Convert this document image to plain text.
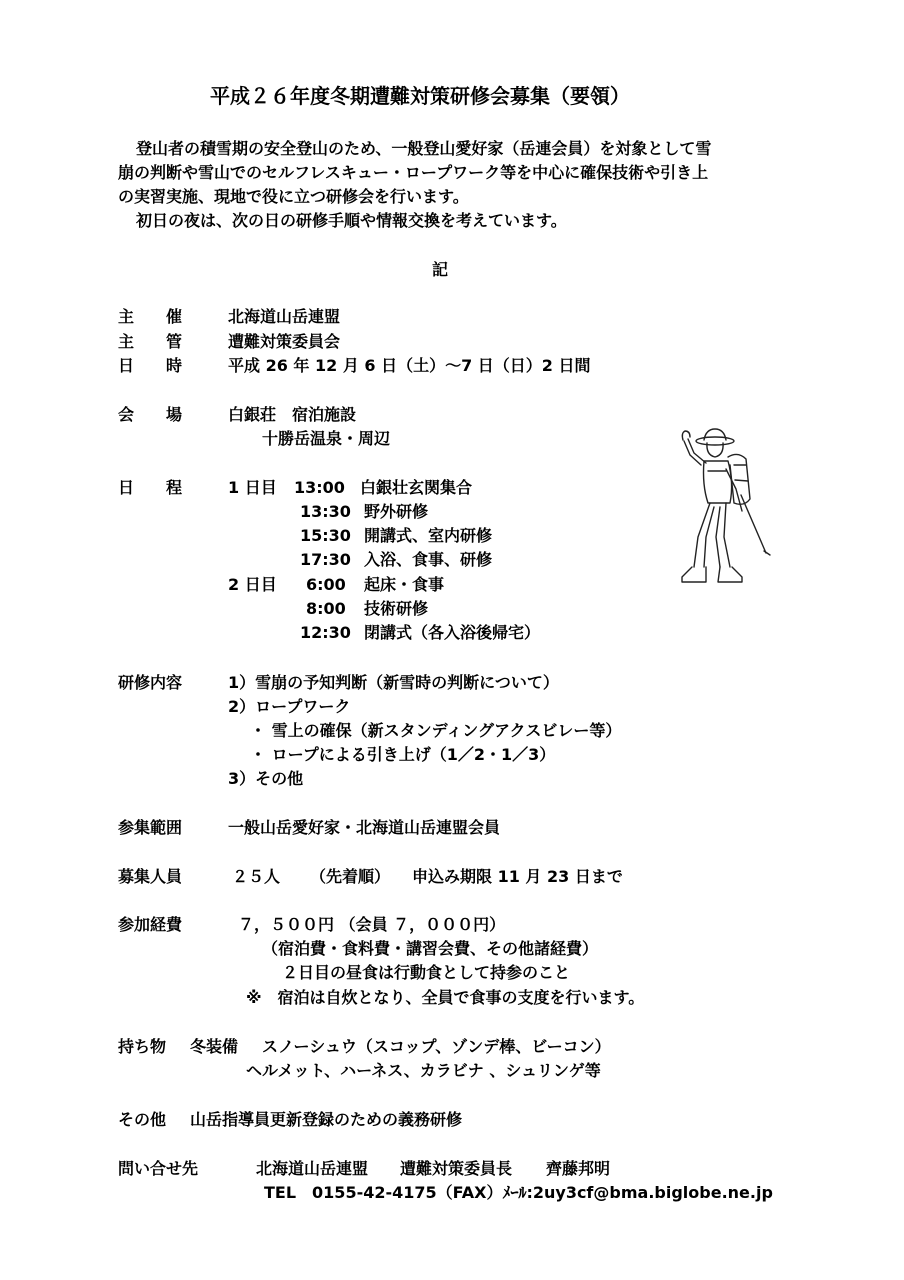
平成２６年度冬期遭難対策研修会募集（要領）
登山者の積雪期の安全登山のため、一般登山愛好家（岳連会員）を対象として雪
崩の判断や雪山でのセルフレスキュー・ロープワーク等を中心に確保技術や引き上
の実習実施、現地で役に立つ研修会を行います。
初日の夜は、次の日の研修手順や情報交換を考えています。
記
主　　催	北海道山岳連盟
主　　管	遭難対策委員会
日　　時	平成 26 年 12 月 6 日（土）～7 日（日）2 日間
会　　場	白銀荘　宿泊施設
十勝岳温泉・周辺
日　　程	1 日目 13:00 白銀壮玄関集合
13:30 野外研修
15:30 開講式、室内研修
17:30 入浴、食事、研修
2 日目 6:00 起床・食事
8:00 技術研修
12:30 閉講式（各入浴後帰宅）
研修内容	1）雪崩の予知判断（新雪時の判断について）
2）ロープワーク
・ 雪上の確保（新スタンディングアクスビレー等）
・ ロープによる引き上げ（1／2・1／3）
3）その他
参集範囲	一般山岳愛好家・北海道山岳連盟会員
募集人員	２５人 （先着順） 申込み期限 11 月 23 日まで
参加経費	７，５００円 （会員 ７，０００円）
（宿泊費・食料費・講習会費、その他諸経費）
２日目の昼食は行動食として持参のこと
※　宿泊は自炊となり、全員で食事の支度を行います。
持ち物 冬装備 スノーシュウ（スコップ、ゾンデ棒、ビーコン）
ヘルメット、ハーネス、カラビナ 、シュリンゲ等
その他 山岳指導員更新登録のための義務研修
問い合せ先	北海道山岳連盟 遭難対策委員長 齊藤邦明
TEL　0155-42-4175（FAX）ﾒｰﾙ:2uy3cf@bma.biglobe.ne.jp
